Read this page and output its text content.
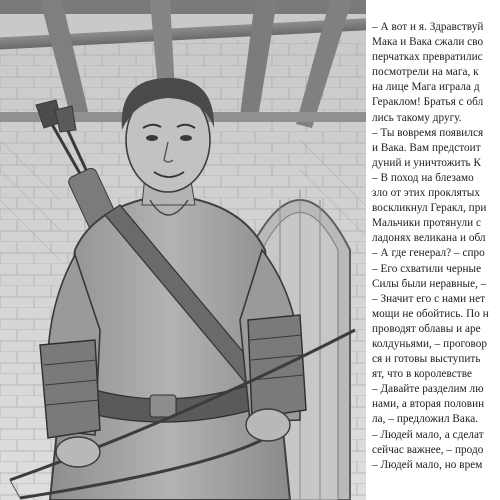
– А вот и я. Здравствуй
Мака и Вака сжали сво
перчатках превратилис
посмотрели на мага, к
на лице Мага играла д
Гераклом! Братья с обл
лись такому другу.
– Ты вовремя появился
и Вака. Вам предстоит
дуний и уничтожить К
– В поход на блезамо
зло от этих проклятых
воскликнул Геракл, при
Мальчики протянули с
ладонях великана и обл
– А где генерал? – спро
– Его схватили черные
Силы были неравные, –
– Значит его с нами нет
мощи не обойтись. По н
проводят облавы и аре
колдуньями, – проговор
ся и готовы выступить
ят, что в королевстве
– Давайте разделим лю
нами, а вторая половин
ла, – предложил Вака.
– Людей мало, а сделат
сейчас важнее, – продо
– Людей мало, но врем
